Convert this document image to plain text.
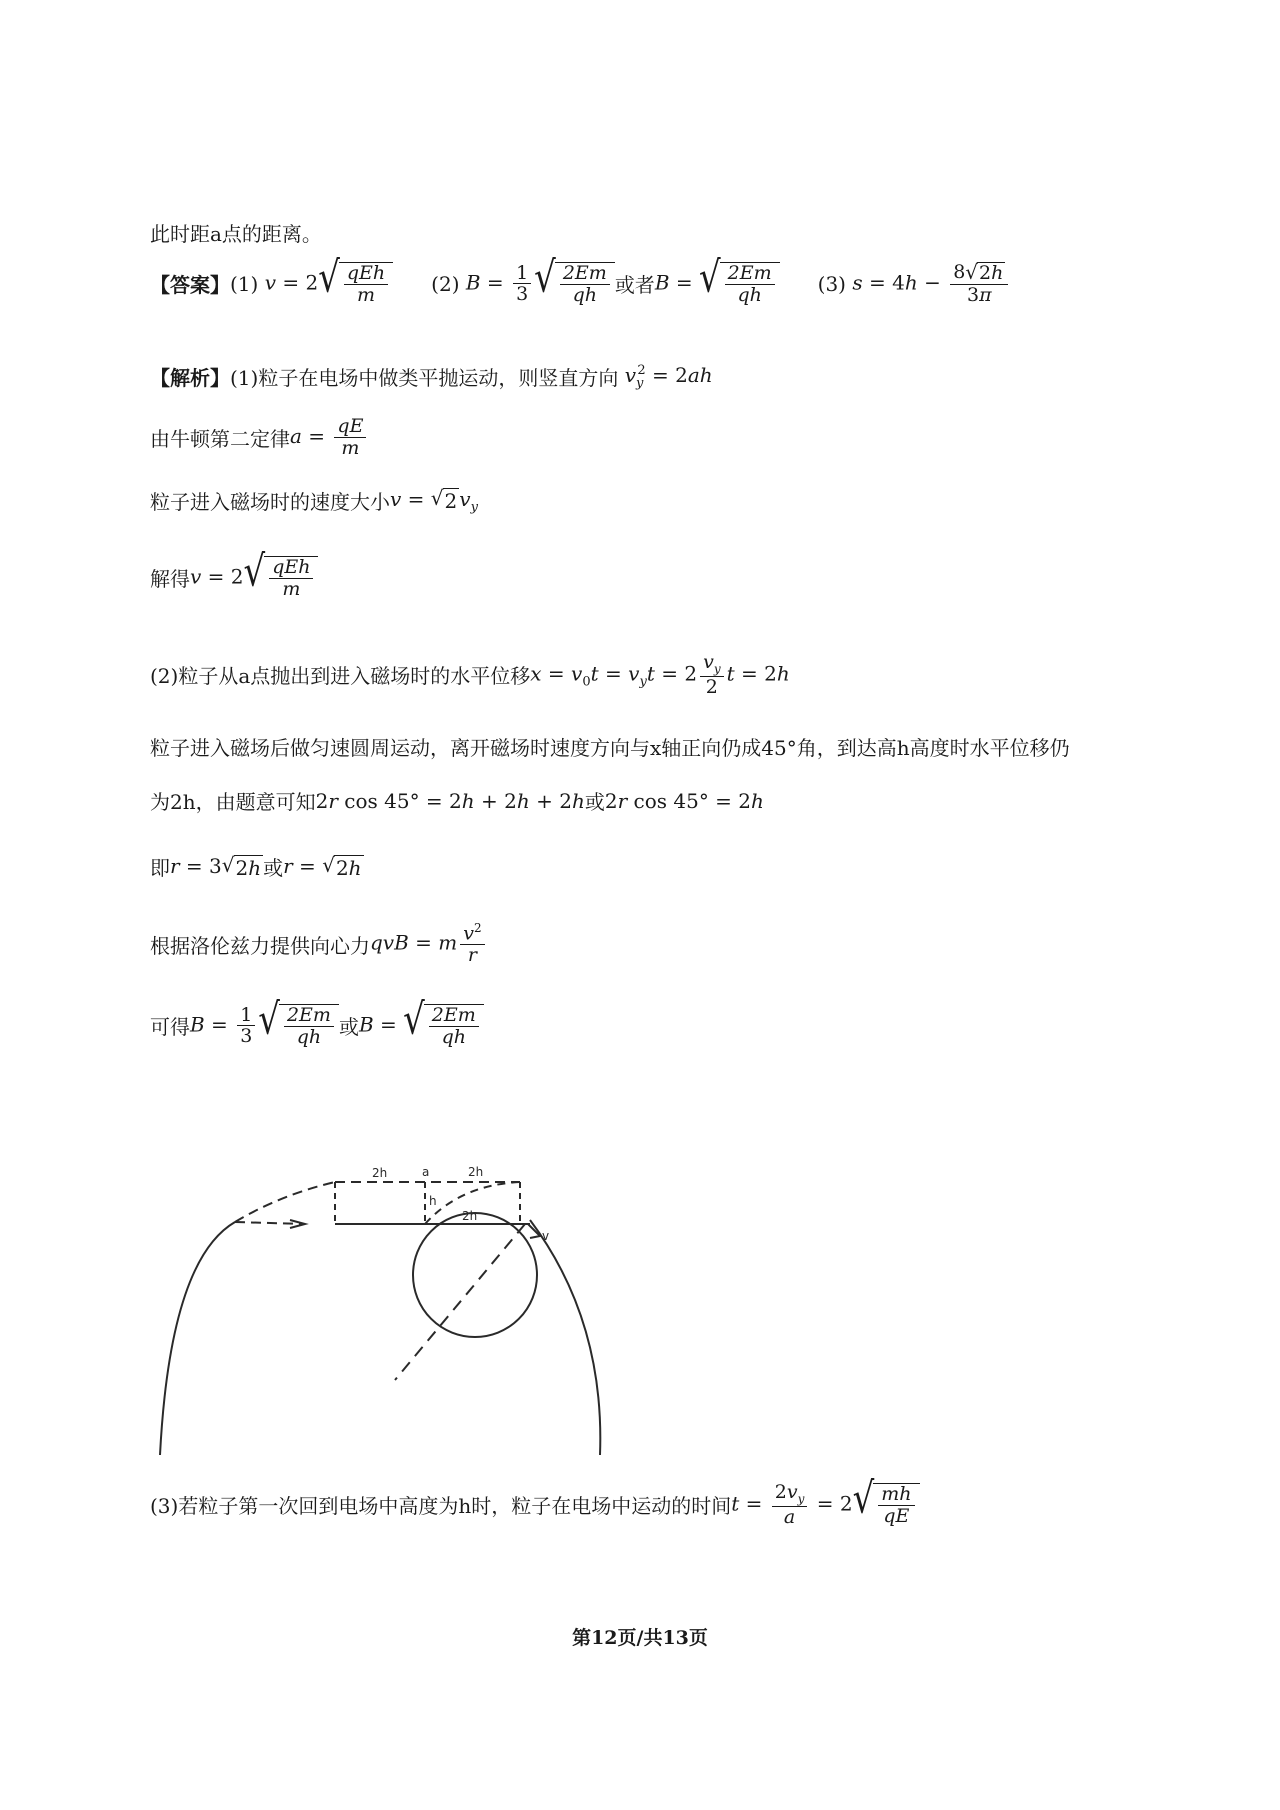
此时距a点的距离。
【答案】 (1) v = 2 √ $\frac{\text{qEh}}{m} (2) B = \frac{1}{3}$ √ $\frac{2Em}{qh}$ 或者 B = √ $\frac{2Em}{qh} (3) s = 4h - \frac{8 √ 2 h}{3\pi}$
【解析】 (1)粒子在电场中做类平抛运动，则竖直方向 $v_y^2 = 2ah$
由牛顿第二定律 $a = \frac{qE}{m}$
粒子进入磁场时的速度大小 v = √ 2 $v_y$
解得 v = 2 √ $\frac{\text{qEh}}{m}$
(2)粒子从a点抛出到进入磁场时的水平位移 $x = v_0t = v_yt = 2 \frac{v_y}{2}$ t = 2h
粒子进入磁场后做匀速圆周运动，离开磁场时速度方向与x轴正向仍成45°角，到达高h高度时水平位移仍
为2h，由题意可知 2r cos 45° = 2h + 2h + 2h 或 2r cos 45° = 2h
即 r = 3 √ 2 h 或 r = √ 2 h
根据洛伦兹力提供向心力 qvB = m $\frac{v^2}{r}$
可得 $B = \frac{1}{3}$ √ $\frac{2Em}{qh}$ 或 B = √ $\frac{2Em}{qh}$
2h	a	2h
h
2h
v
(3)若粒子第一次回到电场中高度为h时，粒子在电场中运动的时间 $t = \frac{2v_y}{a} = 2$ √ $\frac{mh}{qE}$
第12页/共13页
